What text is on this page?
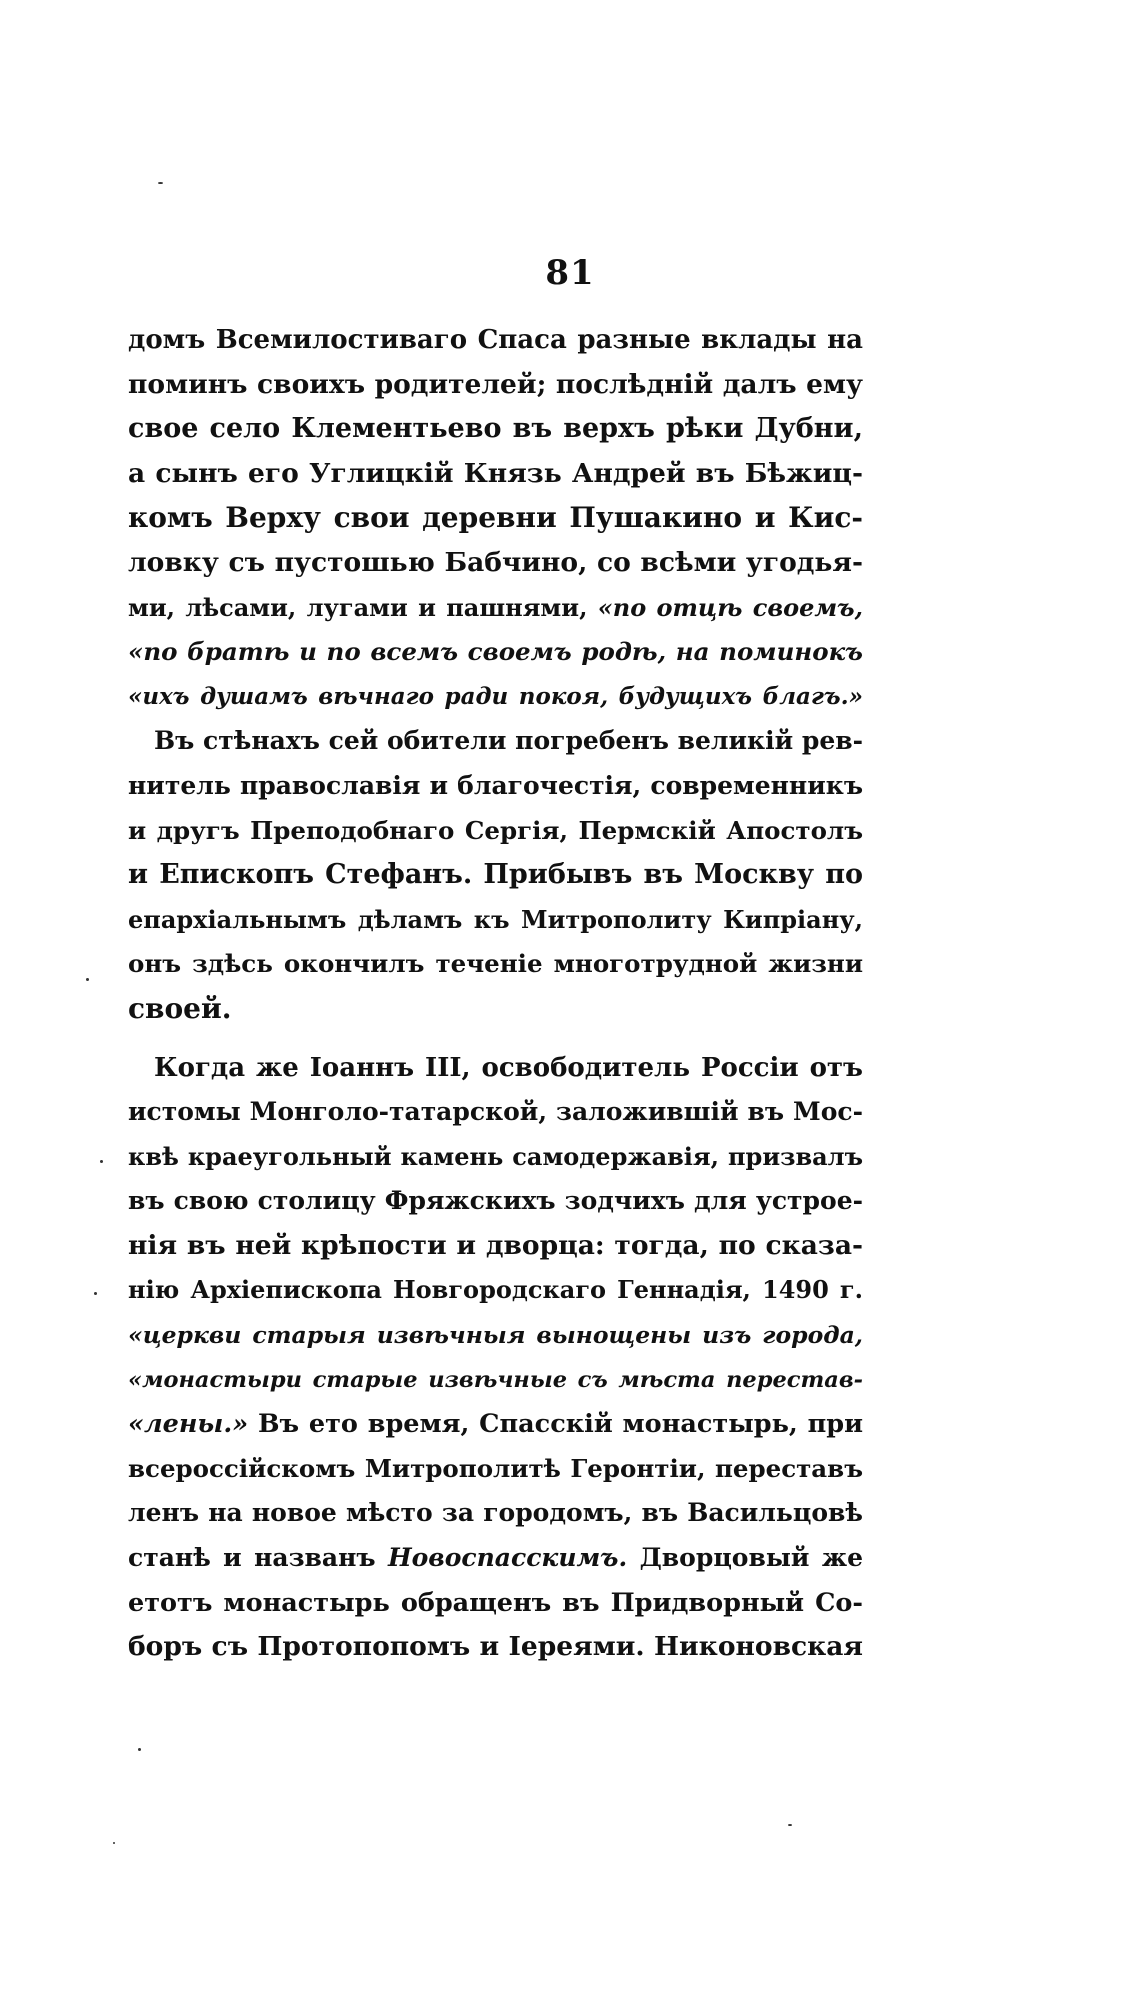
81
домъ Всемилостиваго Спаса разные вклады на
поминъ своихъ родителей; послѣднiй далъ ему
свое село Клементьево въ верхъ рѣки Дубни,
а сынъ его Углицкiй Князь Андрей въ Бѣжиц-
комъ Верху свои деревни Пушакино и Кис-
ловку съ пустошью Бабчино, со всѣми угодья-
ми, лѣсами, лугами и пашнями, «по отцѣ своемъ,
«по братѣ и по всемъ своемъ родѣ, на поминокъ
«ихъ душамъ вѣчнаго ради покоя, будущихъ благъ.»
Въ стѣнахъ сей обители погребенъ великiй рев-
нитель православiя и благочестiя, современникъ
и другъ Преподобнаго Сергiя, Пермскiй Апостолъ
и Епископъ Стефанъ. Прибывъ въ Москву по
епархiальнымъ дѣламъ къ Митрополиту Кипрiану,
онъ здѣсь окончилъ теченiе многотрудной жизни
своей.
Когда же Iоаннъ III, освободитель Россiи отъ
истомы Монголо-татарской, заложившiй въ Мос-
квѣ краеугольный камень самодержавiя, призвалъ
въ свою столицу Фряжскихъ зодчихъ для устрое-
нiя въ ней крѣпости и дворца: тогда, по сказа-
нiю Архiепископа Новгородскаго Геннадiя, 1490 г.
«церкви старыя извѣчныя вынощены изъ города,
«монастыри старые извѣчные съ мѣста перестав-
«лены.» Въ ето время, Спасскiй монастырь, при
всероссiйскомъ Митрополитѣ Геронтiи, переставъ
ленъ на новое мѣсто за городомъ, въ Васильцовѣ
станѣ и названъ Новоспасскимъ. Дворцовый же
етотъ монастырь обращенъ въ Придворный Со-
боръ съ Протопопомъ и Iереями. Никоновская
